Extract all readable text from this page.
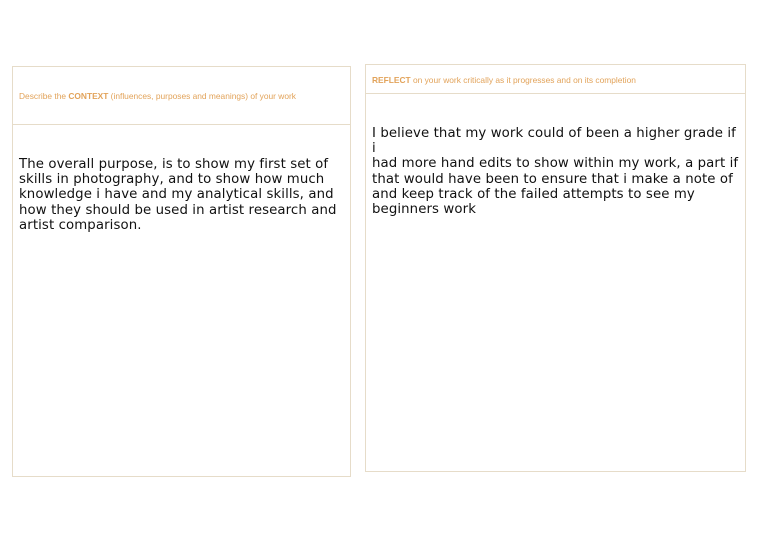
Describe the CONTEXT (influences, purposes and meanings) of your work
The overall purpose, is to show my first set of
skills in photography, and to show how much
knowledge i have and my analytical skills, and
how they should be used in artist research and
artist comparison.
REFLECT on your work critically as it progresses and on its completion
I believe that my work could of been a higher grade if i
had more hand edits to show within my work, a part if
that would have been to ensure that i make a note of
and keep track of the failed attempts to see my
beginners work
